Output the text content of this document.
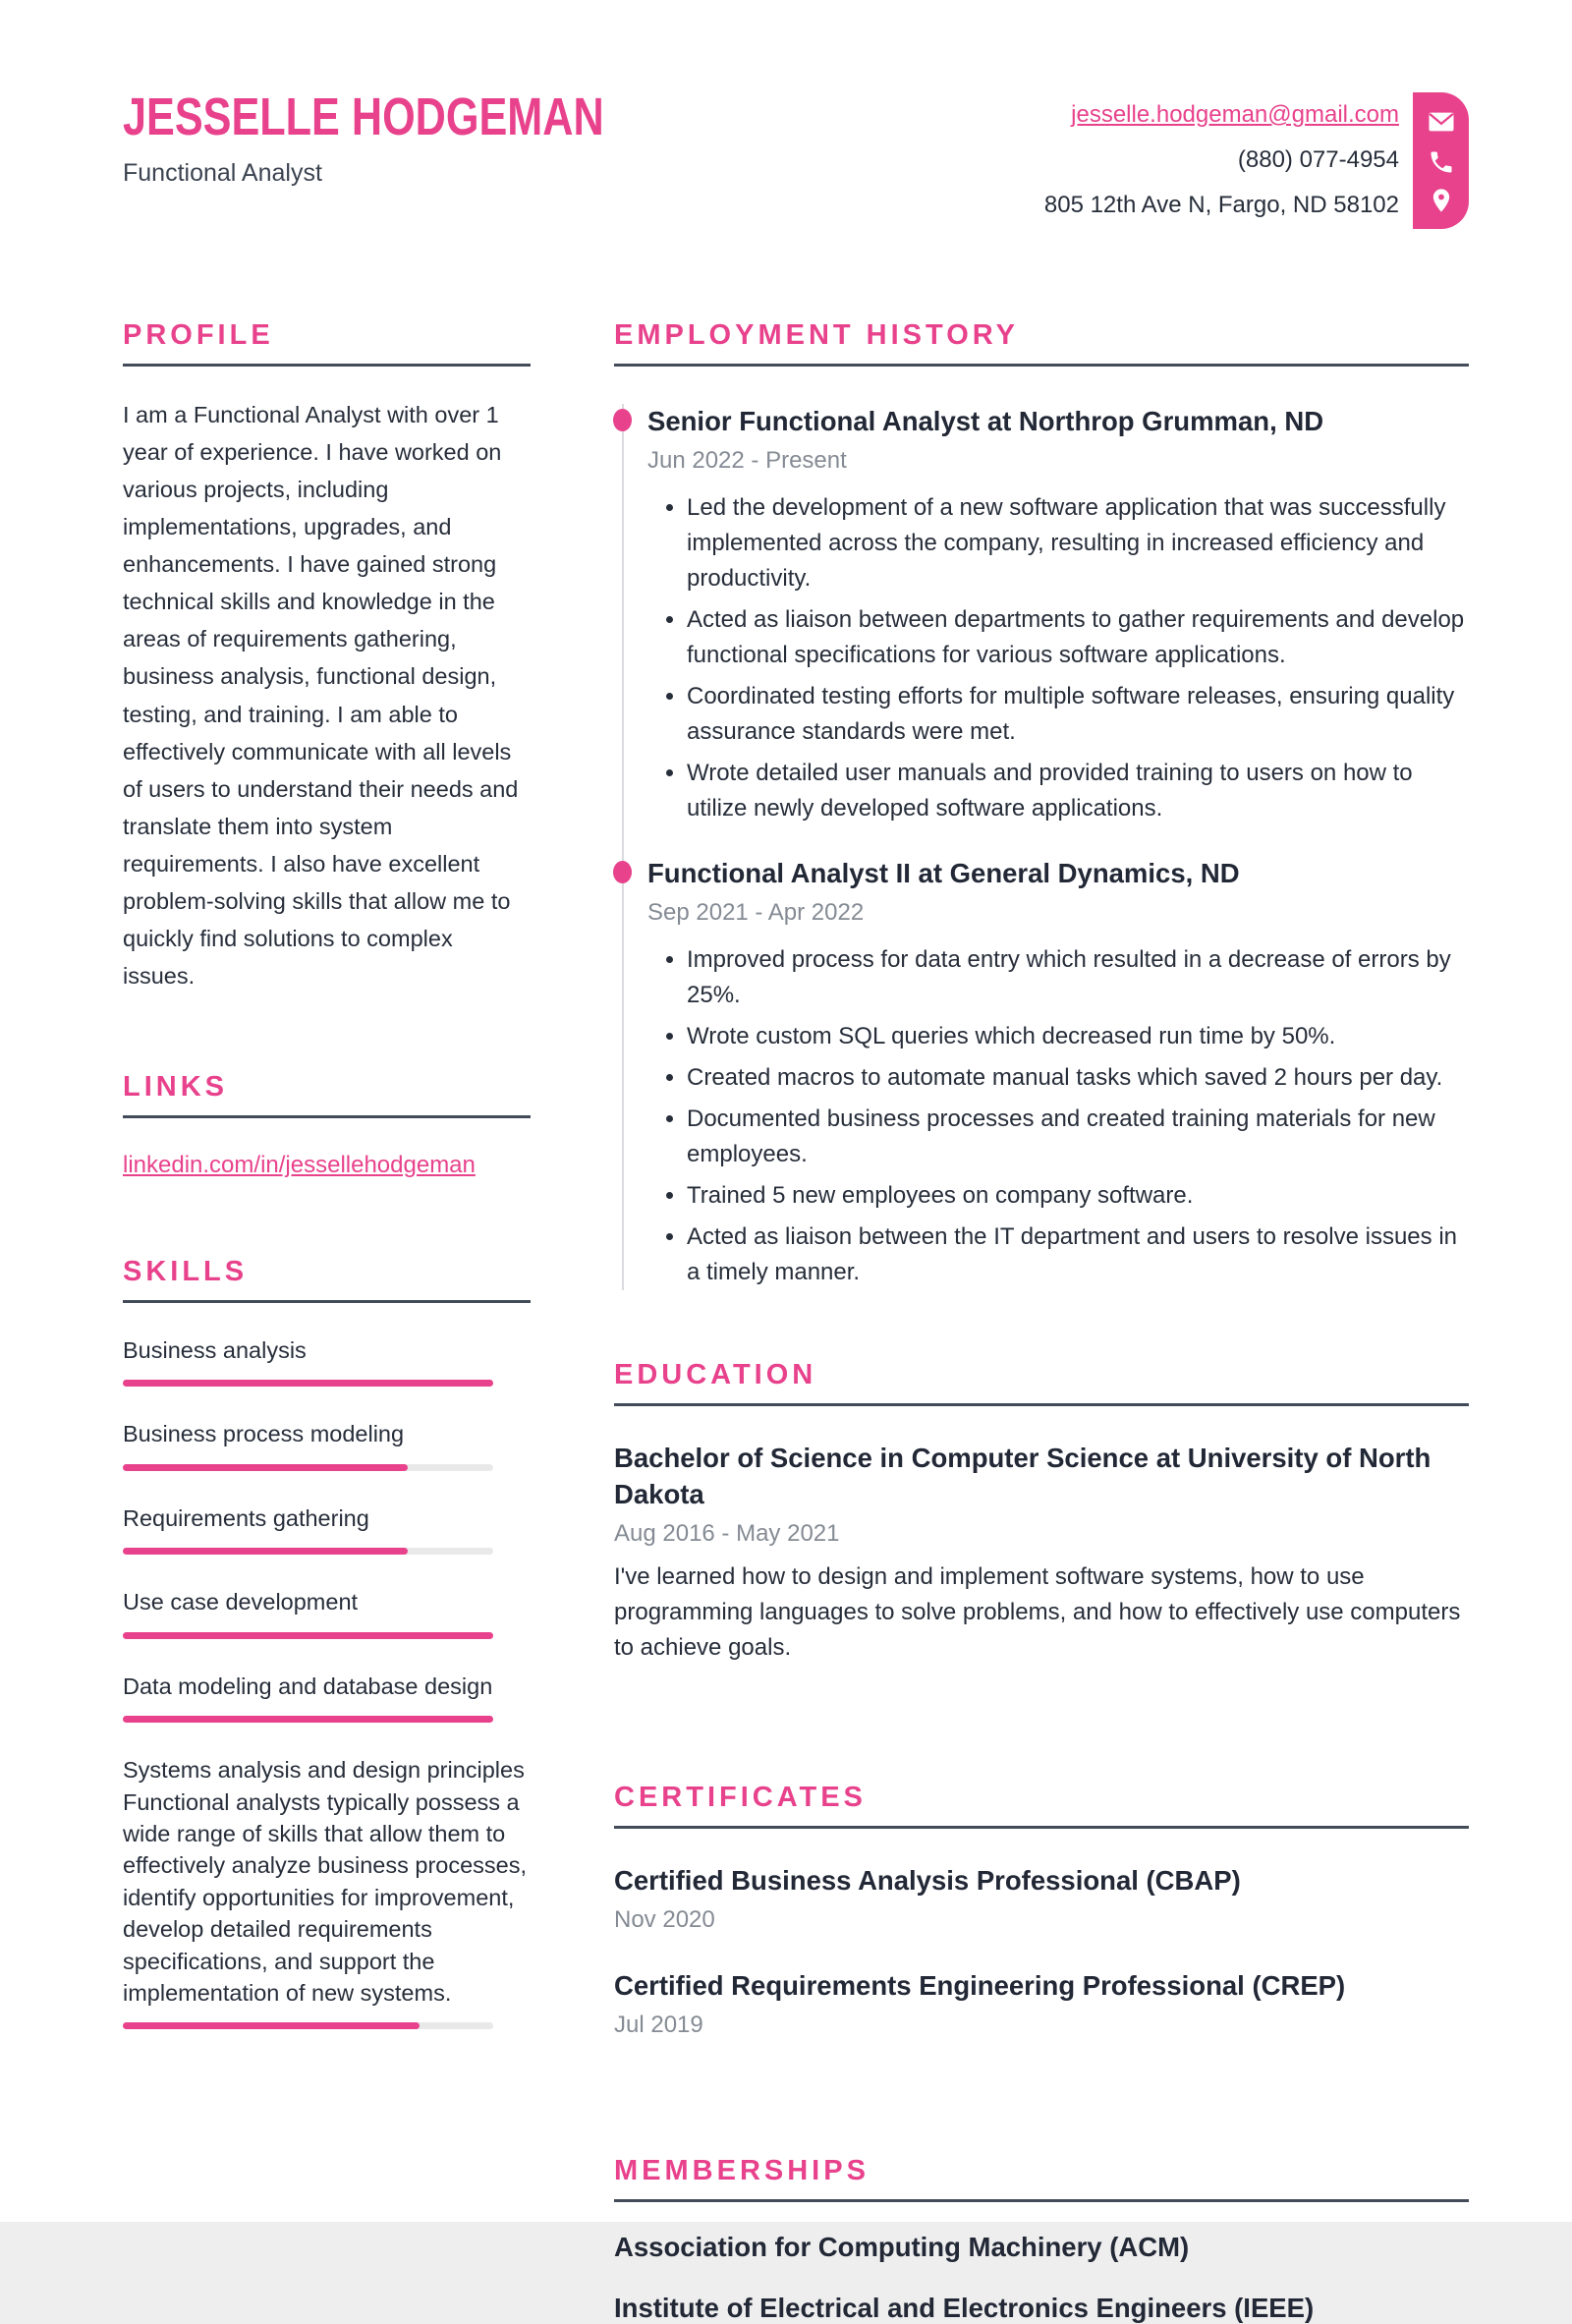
JESSELLE HODGEMAN
Functional Analyst
jesselle.hodgeman@gmail.com
(880) 077-4954
805 12th Ave N, Fargo, ND 58102
PROFILE

I am a Functional Analyst with over 1 year of experience. I have worked on various projects, including implementations, upgrades, and enhancements. I have gained strong technical skills and knowledge in the areas of requirements gathering, business analysis, functional design, testing, and training. I am able to effectively communicate with all levels of users to understand their needs and translate them into system requirements. I also have excellent problem-solving skills that allow me to quickly find solutions to complex issues.

LINKS
linkedin.com/in/jessellehodgeman
SKILLS
Business analysis
Business process modeling
Requirements gathering
Use case development
Data modeling and database design
Systems analysis and design principles Functional analysts typically possess a wide range of skills that allow them to effectively analyze business processes, identify opportunities for improvement, develop detailed requirements specifications, and support the implementation of new systems.
EMPLOYMENT HISTORY
Senior Functional Analyst at Northrop Grumman, ND
Jun 2022 - Present
• Led the development of a new software application that was successfully implemented across the company, resulting in increased efficiency and productivity.
• Acted as liaison between departments to gather requirements and develop functional specifications for various software applications.
• Coordinated testing efforts for multiple software releases, ensuring quality assurance standards were met.
• Wrote detailed user manuals and provided training to users on how to utilize newly developed software applications.
Functional Analyst II at General Dynamics, ND
Sep 2021 - Apr 2022
• Improved process for data entry which resulted in a decrease of errors by 25%.
• Wrote custom SQL queries which decreased run time by 50%.
• Created macros to automate manual tasks which saved 2 hours per day.
• Documented business processes and created training materials for new employees.
• Trained 5 new employees on company software.
• Acted as liaison between the IT department and users to resolve issues in a timely manner.
EDUCATION
Bachelor of Science in Computer Science at University of North Dakota
Aug 2016 - May 2021
I've learned how to design and implement software systems, how to use programming languages to solve problems, and how to effectively use computers to achieve goals.
CERTIFICATES
Certified Business Analysis Professional (CBAP)
Nov 2020
Certified Requirements Engineering Professional (CREP)
Jul 2019
MEMBERSHIPS
Association for Computing Machinery (ACM)
Institute of Electrical and Electronics Engineers (IEEE)
